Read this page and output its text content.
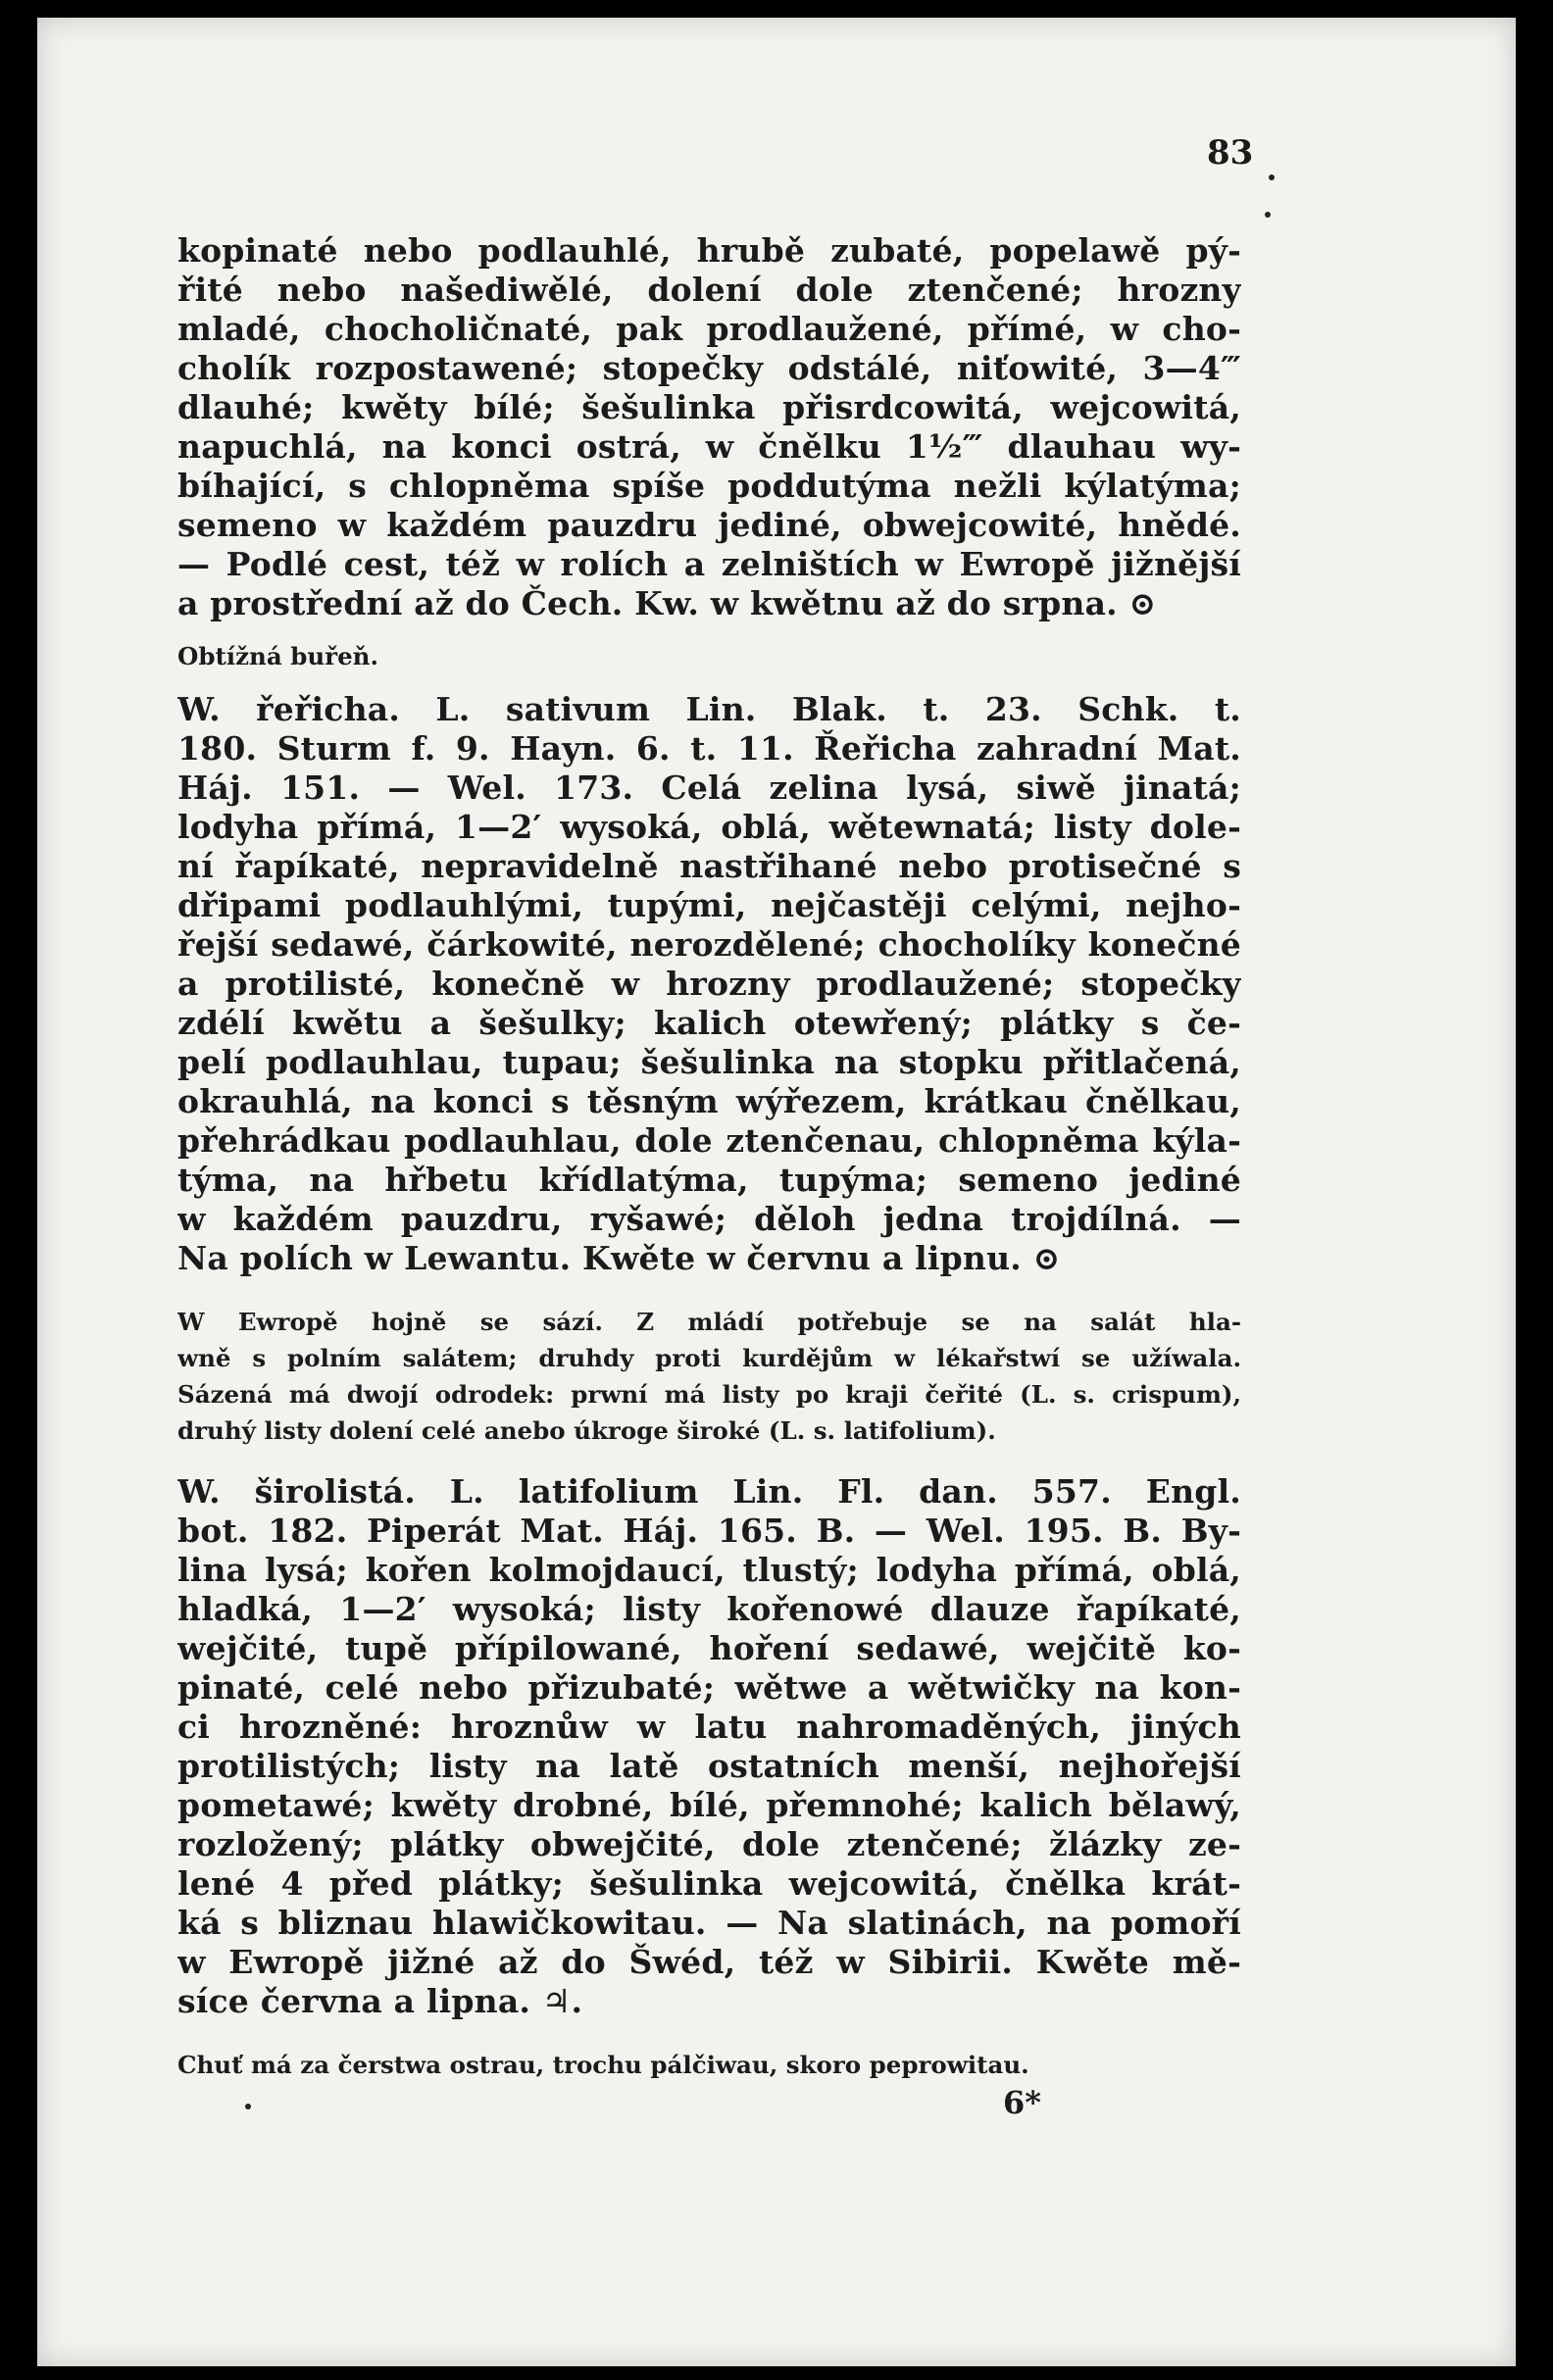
83
kopinaté nebo podlauhlé, hrubě zubaté, popelawě pý-
řité nebo našediwělé, dolení dole ztenčené; hrozny
mladé, chocholičnaté, pak prodlaužené, přímé, w cho-
cholík rozpostawené; stopečky odstálé, niťowité, 3—4‴
dlauhé; kwěty bílé; šešulinka přisrdcowitá, wejcowitá,
napuchlá, na konci ostrá, w čnělku 1½‴ dlauhau wy-
bíhající, s chlopněma spíše poddutýma nežli kýlatýma;
semeno w každém pauzdru jediné, obwejcowité, hnědé.
— Podlé cest, též w rolích a zelništích w Ewropě jižnější
a prostřední až do Čech. Kw. w kwětnu až do srpna. ⊙
Obtížná buřeň.
W. řeřicha. L. sativum Lin. Blak. t. 23. Schk. t.
180. Sturm f. 9. Hayn. 6. t. 11. Řeřicha zahradní Mat.
Háj. 151. — Wel. 173. Celá zelina lysá, siwě jinatá;
lodyha přímá, 1—2′ wysoká, oblá, wětewnatá; listy dole-
ní řapíkaté, nepravidelně nastřihané nebo protisečné s
dřipami podlauhlými, tupými, nejčastěji celými, nejho-
řejší sedawé, čárkowité, nerozdělené; chocholíky konečné
a protilisté, konečně w hrozny prodlaužené; stopečky
zdélí kwětu a šešulky; kalich otewřený; plátky s če-
pelí podlauhlau, tupau; šešulinka na stopku přitlačená,
okrauhlá, na konci s těsným wýřezem, krátkau čnělkau,
přehrádkau podlauhlau, dole ztenčenau, chlopněma kýla-
týma, na hřbetu křídlatýma, tupýma; semeno jediné
w každém pauzdru, ryšawé; děloh jedna trojdílná. —
Na polích w Lewantu. Kwěte w červnu a lipnu. ⊙
W Ewropě hojně se sází. Z mládí potřebuje se na salát hla-
wně s polním salátem; druhdy proti kurdějům w lékařstwí se užíwala.
Sázená má dwojí odrodek: prwní má listy po kraji čeřité (L. s. crispum),
druhý listy dolení celé anebo úkroge široké (L. s. latifolium).
W. širolistá. L. latifolium Lin. Fl. dan. 557. Engl.
bot. 182. Piperát Mat. Háj. 165. B. — Wel. 195. B. By-
lina lysá; kořen kolmojdaucí, tlustý; lodyha přímá, oblá,
hladká, 1—2′ wysoká; listy kořenowé dlauze řapíkaté,
wejčité, tupě přípilowané, hoření sedawé, wejčitě ko-
pinaté, celé nebo přizubaté; wětwe a wětwičky na kon-
ci hrozněné: hroznůw w latu nahromaděných, jiných
protilistých; listy na latě ostatních menší, nejhořejší
pometawé; kwěty drobné, bílé, přemnohé; kalich bělawý,
rozložený; plátky obwejčité, dole ztenčené; žlázky ze-
lené 4 před plátky; šešulinka wejcowitá, čnělka krát-
ká s bliznau hlawičkowitau. — Na slatinách, na pomoří
w Ewropě jižné až do Šwéd, též w Sibirii. Kwěte mě-
síce června a lipna. ♃.
Chuť má za čerstwa ostrau, trochu pálčiwau, skoro peprowitau.
6*
